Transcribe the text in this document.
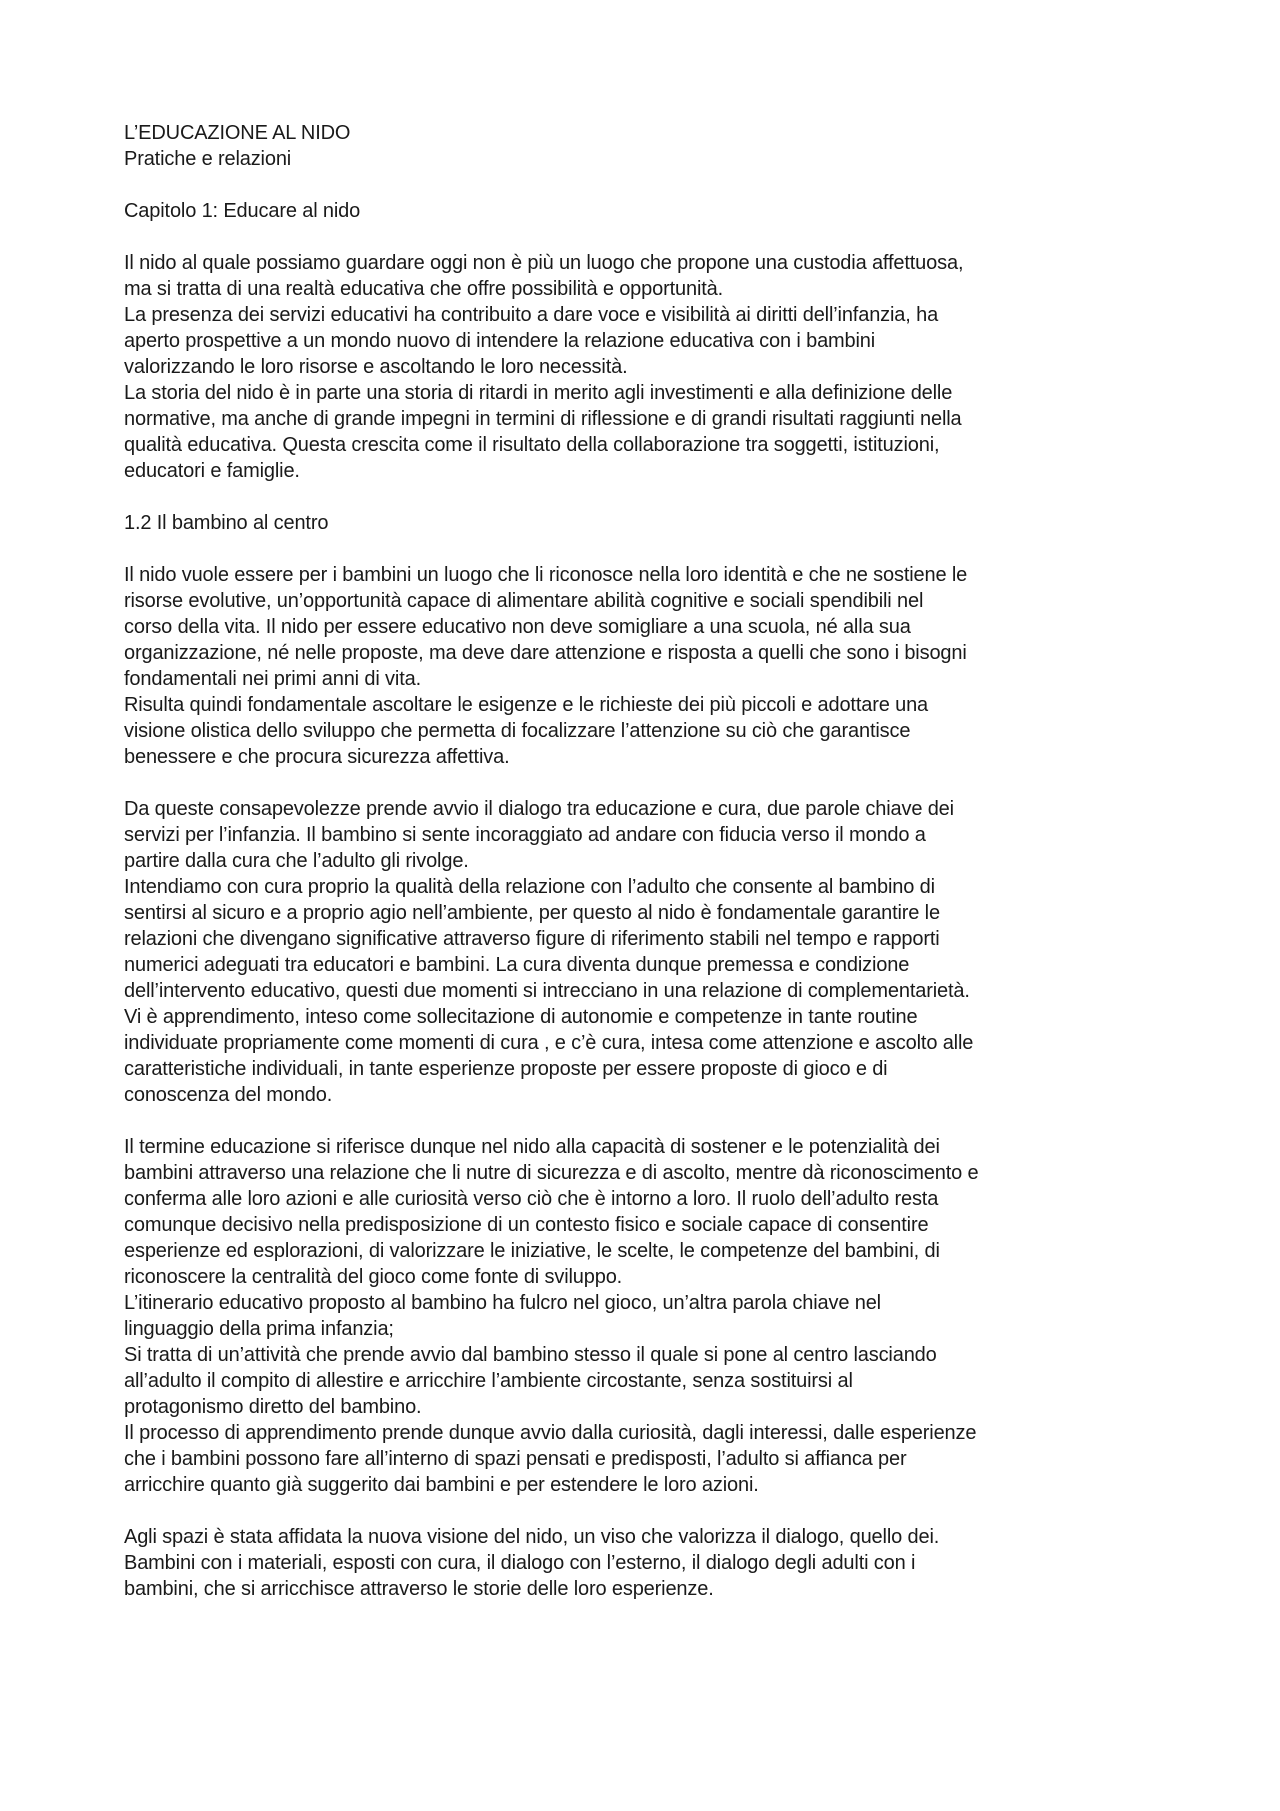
L’EDUCAZIONE AL NIDO
Pratiche e relazioni
Capitolo 1: Educare al nido
Il nido al quale possiamo guardare oggi non è più un luogo che propone una custodia affettuosa,
ma si tratta di una realtà educativa che offre possibilità e opportunità.
La presenza dei servizi educativi ha contribuito a dare voce e visibilità ai diritti dell’infanzia, ha
aperto prospettive a un mondo nuovo di intendere la relazione educativa con i bambini
valorizzando le loro risorse e ascoltando le loro necessità.
La storia del nido è in parte una storia di ritardi in merito agli investimenti e alla definizione delle
normative, ma anche di grande impegni in termini di riflessione e di grandi risultati raggiunti nella
qualità educativa. Questa crescita come il risultato della collaborazione tra soggetti, istituzioni,
educatori e famiglie.
1.2 Il bambino al centro
Il nido vuole essere per i bambini un luogo che li riconosce nella loro identità e che ne sostiene le
risorse evolutive, un’opportunità capace di alimentare abilità cognitive e sociali spendibili nel
corso della vita. Il nido per essere educativo non deve somigliare a una scuola, né alla sua
organizzazione, né nelle proposte, ma deve dare attenzione e risposta a quelli che sono i bisogni
fondamentali nei primi anni di vita.
Risulta quindi fondamentale ascoltare le esigenze e le richieste dei più piccoli e adottare una
visione olistica dello sviluppo che permetta di focalizzare l’attenzione su ciò che garantisce
benessere e che procura sicurezza affettiva.
Da queste consapevolezze prende avvio il dialogo tra educazione e cura, due parole chiave dei
servizi per l’infanzia. Il bambino si sente incoraggiato ad andare con fiducia verso il mondo a
partire dalla cura che l’adulto gli rivolge.
Intendiamo con cura proprio la qualità della relazione con l’adulto che consente al bambino di
sentirsi al sicuro e a proprio agio nell’ambiente, per questo al nido è fondamentale garantire le
relazioni che divengano significative attraverso figure di riferimento stabili nel tempo e rapporti
numerici adeguati tra educatori e bambini. La cura diventa dunque premessa e condizione
dell’intervento educativo, questi due momenti si intrecciano in una relazione di complementarietà.
Vi è apprendimento, inteso come sollecitazione di autonomie e competenze in tante routine
individuate propriamente come momenti di cura , e c’è cura, intesa come attenzione e ascolto alle
caratteristiche individuali, in tante esperienze proposte per essere proposte di gioco e di
conoscenza del mondo.
Il termine educazione si riferisce dunque nel nido alla capacità di sostener e le potenzialità dei
bambini attraverso una relazione che li nutre di sicurezza e di ascolto, mentre dà riconoscimento e
conferma alle loro azioni e alle curiosità verso ciò che è intorno a loro. Il ruolo dell’adulto resta
comunque decisivo nella predisposizione di un contesto fisico e sociale capace di consentire
esperienze ed esplorazioni, di valorizzare le iniziative, le scelte, le competenze del bambini, di
riconoscere la centralità del gioco come fonte di sviluppo.
L’itinerario educativo proposto al bambino ha fulcro nel gioco, un’altra parola chiave nel
linguaggio della prima infanzia;
Si tratta di un’attività che prende avvio dal bambino stesso il quale si pone al centro lasciando
all’adulto il compito di allestire e arricchire l’ambiente circostante, senza sostituirsi al
protagonismo diretto del bambino.
Il processo di apprendimento prende dunque avvio dalla curiosità, dagli interessi, dalle esperienze
che i bambini possono fare all’interno di spazi pensati e predisposti, l’adulto si affianca per
arricchire quanto già suggerito dai bambini e per estendere le loro azioni.
Agli spazi è stata affidata la nuova visione del nido, un viso che valorizza il dialogo, quello dei.
Bambini con i materiali, esposti con cura, il dialogo con l’esterno, il dialogo degli adulti con i
bambini, che si arricchisce attraverso le storie delle loro esperienze.
